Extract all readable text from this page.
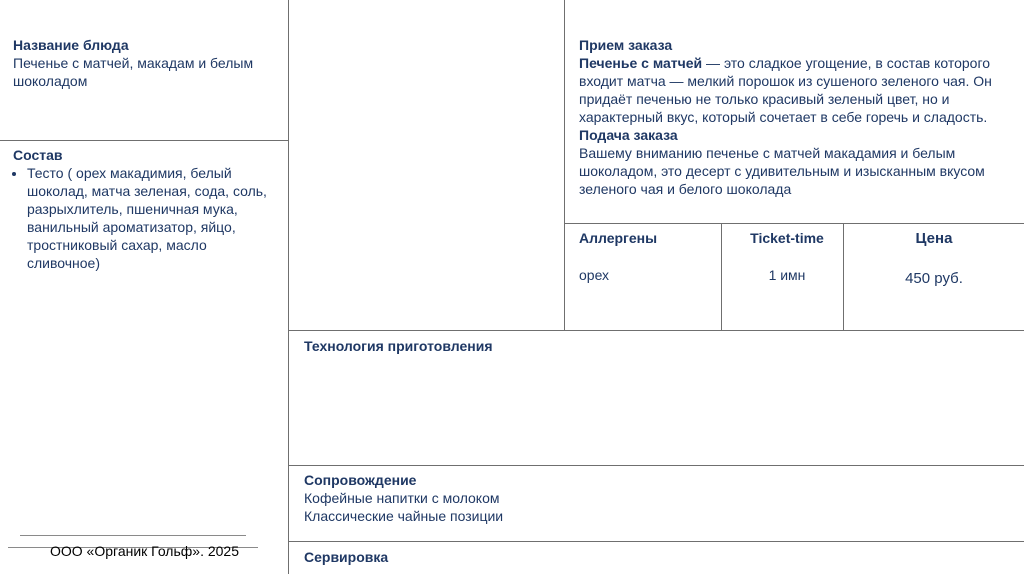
Название блюда
Печенье с матчей, макадам и белым шоколадом
Состав
• Тесто ( орех макадимия, белый шоколад, матча зеленая, сода, соль, разрыхлитель, пшеничная мука, ванильный ароматизатор, яйцо, тростниковый сахар, масло сливочное)
Прием заказа
Печенье с матчей — это сладкое угощение, в состав которого входит матча — мелкий порошок из сушеного зеленого чая. Он придаёт печенью не только красивый зеленый цвет, но и характерный вкус, который сочетает в себе горечь и сладость.
Подача заказа
Вашему вниманию печенье с матчей макадамия и белым шоколадом, это десерт с удивительным и изысканным вкусом зеленого чая и белого шоколада
Аллергены
орех
Ticket-time
1 имн
Цена
450 руб.
Технология приготовления
Сопровождение
Кофейные напитки с молоком
Классические чайные позиции
Сервировка
ООО «Органик Гольф». 2025
